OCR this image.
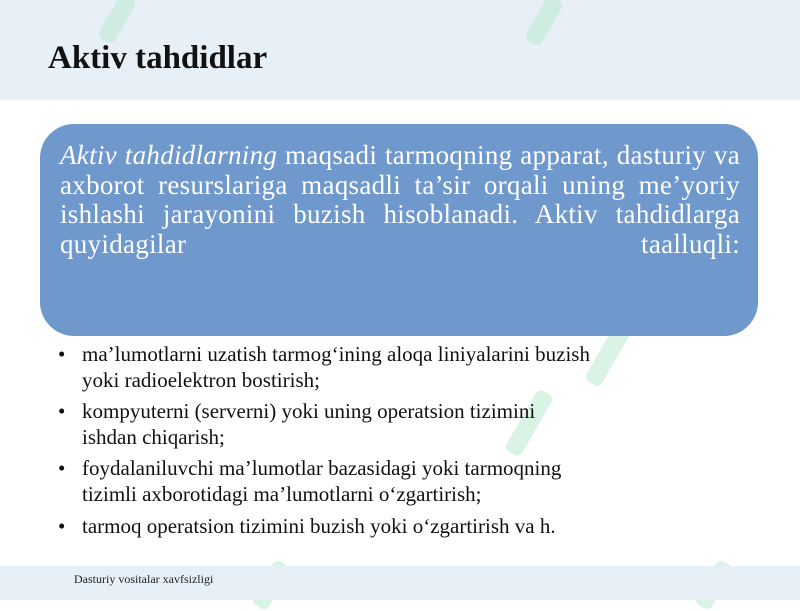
Aktiv tahdidlar

Aktiv tahdidlarning maqsadi tarmoqning apparat, dasturiy va axborot resurslariga maqsadli ta’sir orqali uning me’yoriy ishlashi jarayonini buzish hisoblanadi. Aktiv tahdidlarga quyidagilar taalluqli:

• ma’lumotlarni uzatish tarmog‘ining aloqa liniyalarini buzish
yoki radioelektron bostirish;
• kompyuterni (serverni) yoki uning operatsion tizimini
ishdan chiqarish;
• foydalaniluvchi ma’lumotlar bazasidagi yoki tarmoqning
tizimli axborotidagi ma’lumotlarni o‘zgartirish;
• tarmoq operatsion tizimini buzish yoki o‘zgartirish va h.
Dasturiy vositalar xavfsizligi
